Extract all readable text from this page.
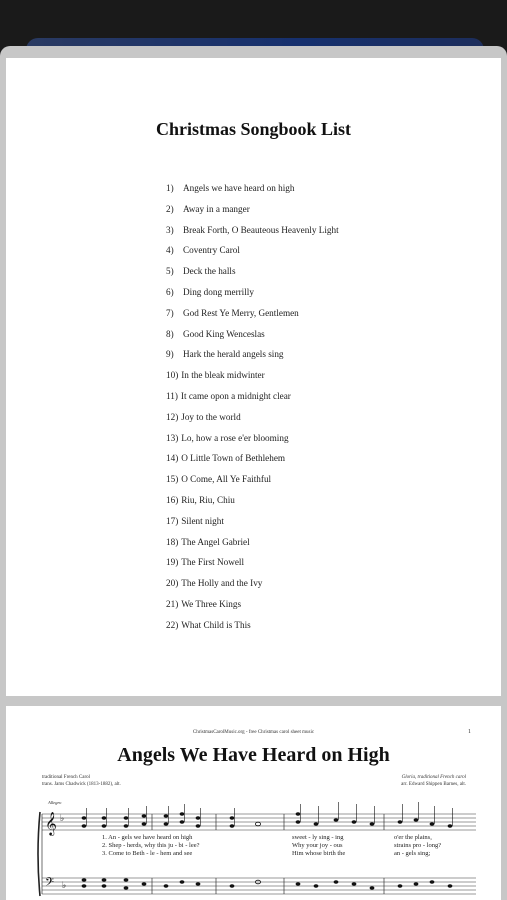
Christmas Songbook List
1)	Angels we have heard on high
2)	Away in a manger
3)	Break Forth, O Beauteous Heavenly Light
4)	Coventry Carol
5)	Deck the halls
6)	Ding dong merrilly
7)	God Rest Ye Merry, Gentlemen
8)	Good King Wenceslas
9)	Hark the herald angels sing
10) In the bleak midwinter
11) It came opon a midnight clear
12) Joy to the world
13) Lo, how a rose e'er blooming
14) O Little Town of Bethlehem
15) O Come, All Ye Faithful
16) Riu, Riu, Chiu
17) Silent night
18) The Angel Gabriel
19) The First Nowell
20) The Holly and the Ivy
21) We Three Kings
22) What Child is This
ChristmasCarolMusic.org - free Christmas carol sheet music	1
Angels We Have Heard on High
traditional French Carol
trans. Jams Chadwick (1813-1882), alt.
Gloria, traditional French carol
arr. Edward Shippen Barnes, alt.
𝄞
𝄢
♭
♭
Allegro
1. An - gels we have heard on high
2. Shep - herds, why this ju - bi - lee?
3. Come to Beth - le - hem and see
sweet - ly sing - ing
Why your joy - ous
Him whose birth the
o'er the plains,
strains pro - long?
an - gels sing;
